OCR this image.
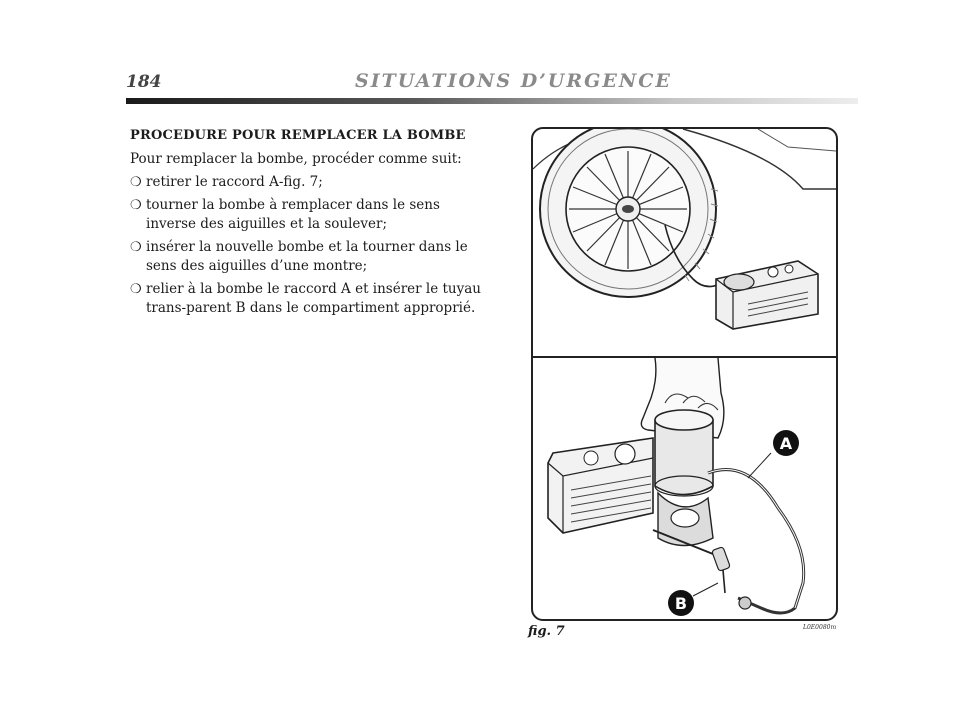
184	SITUATIONS D’URGENCE
PROCEDURE POUR REMPLACER LA BOMBE
Pour remplacer la bombe, procéder comme suit:
❍ retirer le raccord A-fig. 7;
❍ tourner la bombe à remplacer dans le sens inverse des aiguilles et la soulever;
❍ insérer la nouvelle bombe et la tourner dans le sens des aiguilles d’une montre;
❍ relier à la bombe le raccord A et insérer le tuyau trans-parent B dans le compartiment approprié.
A
B
fig. 7	L0E0080m
